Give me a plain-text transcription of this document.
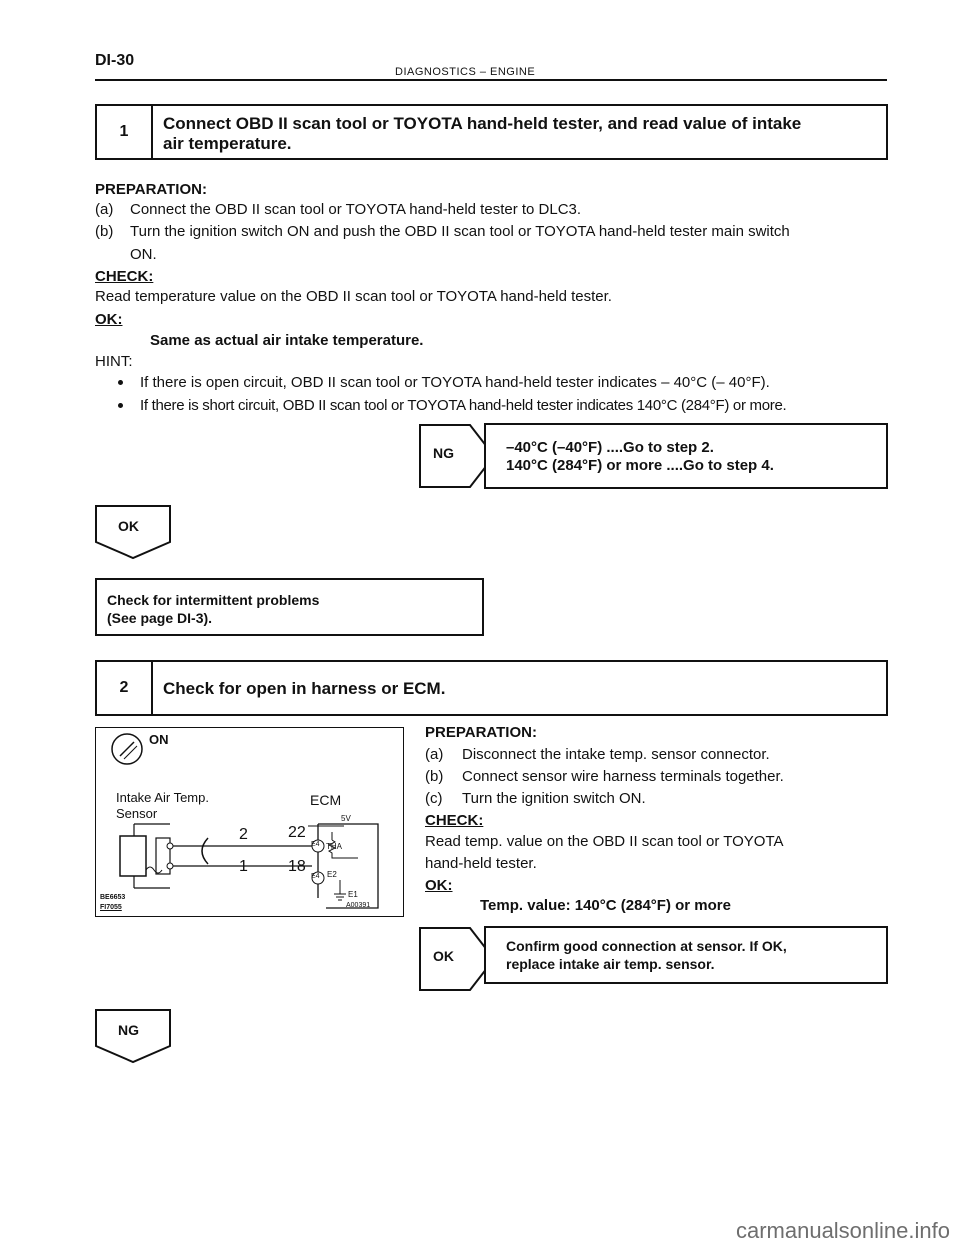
DI-30
DIAGNOSTICS – ENGINE
1	Connect OBD II scan tool or TOYOTA hand-held tester, and read value of intake
air temperature.
PREPARATION:
(a) Connect the OBD II scan tool or TOYOTA hand-held tester to DLC3.
(b) Turn the ignition switch ON and push the OBD II scan tool or TOYOTA hand-held tester main switch
ON.
CHECK:
Read temperature value on the OBD II scan tool or TOYOTA hand-held tester.
OK:
Same as actual air intake temperature.
HINT:
If there is open circuit, OBD II scan tool or TOYOTA hand-held tester indicates – 40°C (– 40°F).
If there is short circuit, OBD II scan tool or TOYOTA hand-held tester indicates 140°C (284°F) or more.
NG	–40°C (–40°F) ....Go to step 2.
140°C (284°F) or more ....Go to step 4.
OK
Check for intermittent problems
(See page DI-3).
2	Check for open in harness or ECM.
ON
Intake Air Temp.
Sensor
ECM
2
1
22
18
E4
E4
THA
E2
5V
E1
BE6653
FI7055	A00391
PREPARATION:
(a) Disconnect the intake temp. sensor connector.
(b) Connect sensor wire harness terminals together.
(c) Turn the ignition switch ON.
CHECK:
Read temp. value on the OBD II scan tool or TOYOTA
hand-held tester.
OK:
Temp. value: 140°C (284°F) or more
OK
Confirm good connection at sensor. If OK,
replace intake air temp. sensor.
NG
carmanualsonline.info
